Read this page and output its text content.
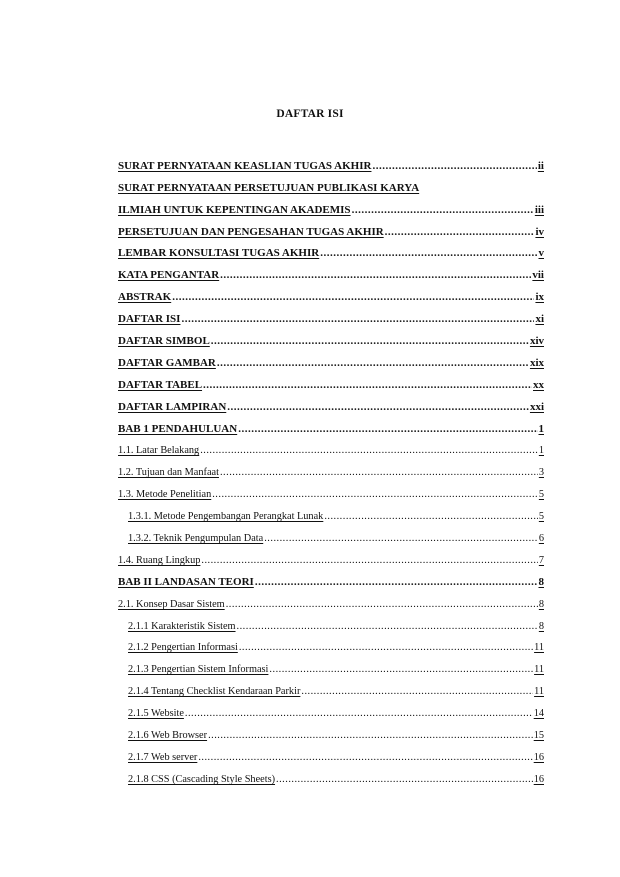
DAFTAR ISI
SURAT PERNYATAAN KEASLIAN TUGAS AKHIR .....	ii
SURAT PERNYATAAN PERSETUJUAN PUBLIKASI KARYA
ILMIAH UNTUK KEPENTINGAN AKADEMIS .....	iii
PERSETUJUAN DAN PENGESAHAN TUGAS AKHIR .....	iv
LEMBAR KONSULTASI TUGAS AKHIR .....	v
KATA PENGANTAR .....	vii
ABSTRAK .....	ix
DAFTAR ISI .....	xi
DAFTAR SIMBOL .....	xiv
DAFTAR GAMBAR .....	xix
DAFTAR TABEL .....	xx
DAFTAR LAMPIRAN .....	xxi
BAB 1 PENDAHULUAN .....	1
1.1. Latar Belakang .....	1
1.2. Tujuan dan Manfaat .....	3
1.3. Metode Penelitian .....	5
1.3.1. Metode Pengembangan Perangkat Lunak .....	5
1.3.2. Teknik Pengumpulan Data .....	6
1.4. Ruang Lingkup .....	7
BAB II LANDASAN TEORI .....	8
2.1. Konsep Dasar Sistem .....	8
2.1.1 Karakteristik Sistem .....	8
2.1.2 Pengertian Informasi .....	11
2.1.3 Pengertian Sistem Informasi .....	11
2.1.4 Tentang Checklist Kendaraan Parkir .....	11
2.1.5 Website .....	14
2.1.6 Web Browser .....	15
2.1.7 Web server .....	16
2.1.8 CSS (Cascading Style Sheets) .....	16
